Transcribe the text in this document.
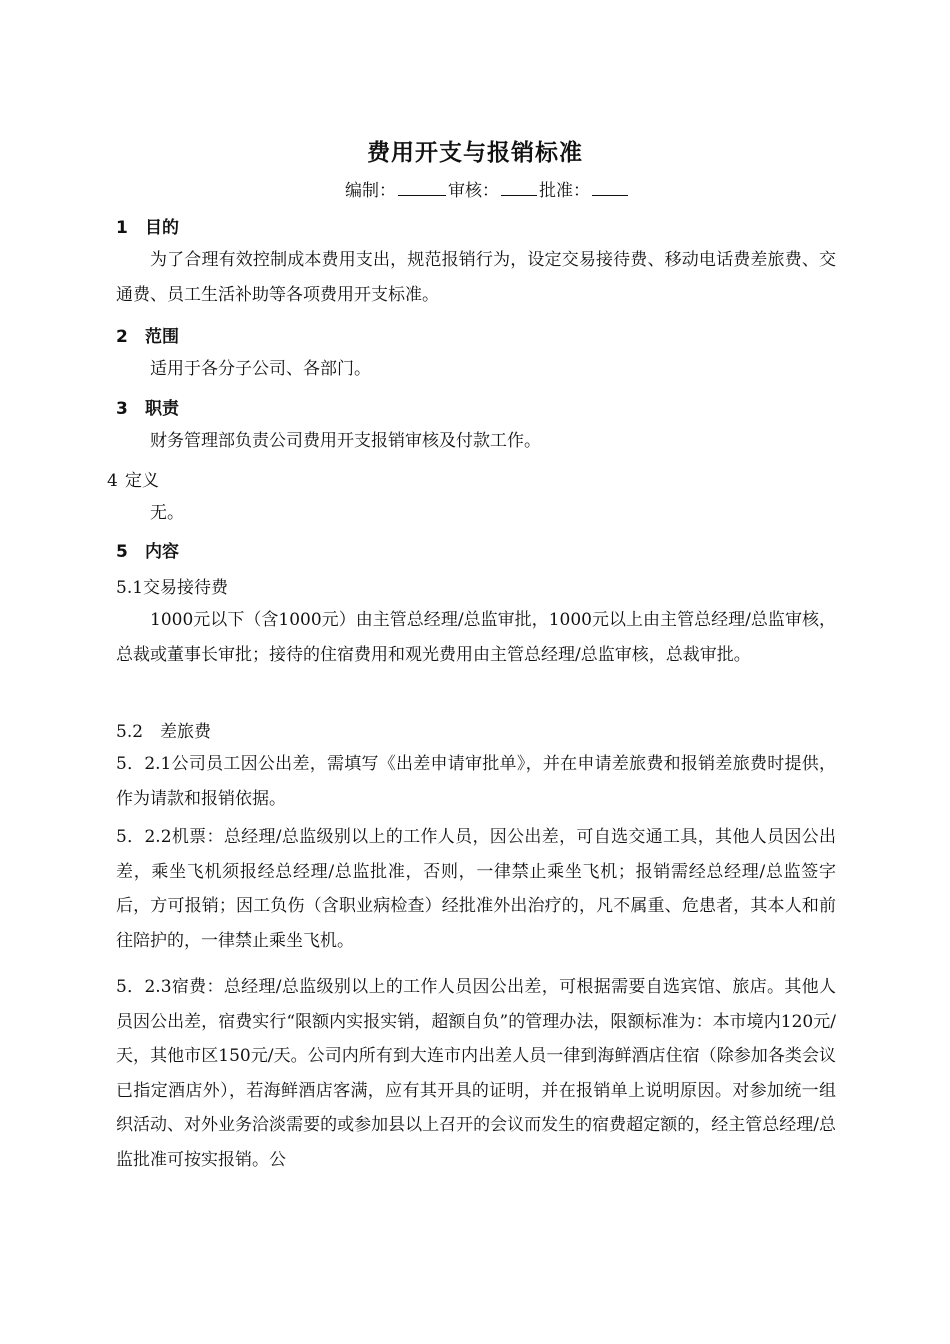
费用开支与报销标准
编制：	审核： 批准：
1 目的
为了合理有效控制成本费用支出，规范报销行为，设定交易接待费、移动电话费差旅费、交通费、员工生活补助等各项费用开支标准。
2 范围
适用于各分子公司、各部门。
3 职责
财务管理部负责公司费用开支报销审核及付款工作。
4 定义
无。
5 内容
5.1交易接待费
1000元以下（含1000元）由主管总经理/总监审批，1000元以上由主管总经理/总监审核，总裁或董事长审批；接待的住宿费用和观光费用由主管总经理/总监审核，总裁审批。
5.2　差旅费
5．2.1公司员工因公出差，需填写《出差申请审批单》，并在申请差旅费和报销差旅费时提供，作为请款和报销依据。
5．2.2机票：总经理/总监级别以上的工作人员，因公出差，可自选交通工具，其他人员因公出差，乘坐飞机须报经总经理/总监批准，否则，一律禁止乘坐飞机；报销需经总经理/总监签字后，方可报销；因工负伤（含职业病检查）经批准外出治疗的，凡不属重、危患者，其本人和前往陪护的，一律禁止乘坐飞机。
5．2.3宿费：总经理/总监级别以上的工作人员因公出差，可根据需要自选宾馆、旅店。其他人员因公出差，宿费实行“限额内实报实销，超额自负”的管理办法，限额标准为：本市境内120元/天，其他市区150元/天。公司内所有到大连市内出差人员一律到海鲜酒店住宿（除参加各类会议已指定酒店外），若海鲜酒店客满，应有其开具的证明，并在报销单上说明原因。对参加统一组织活动、对外业务洽淡需要的或参加县以上召开的会议而发生的宿费超定额的，经主管总经理/总监批准可按实报销。公
